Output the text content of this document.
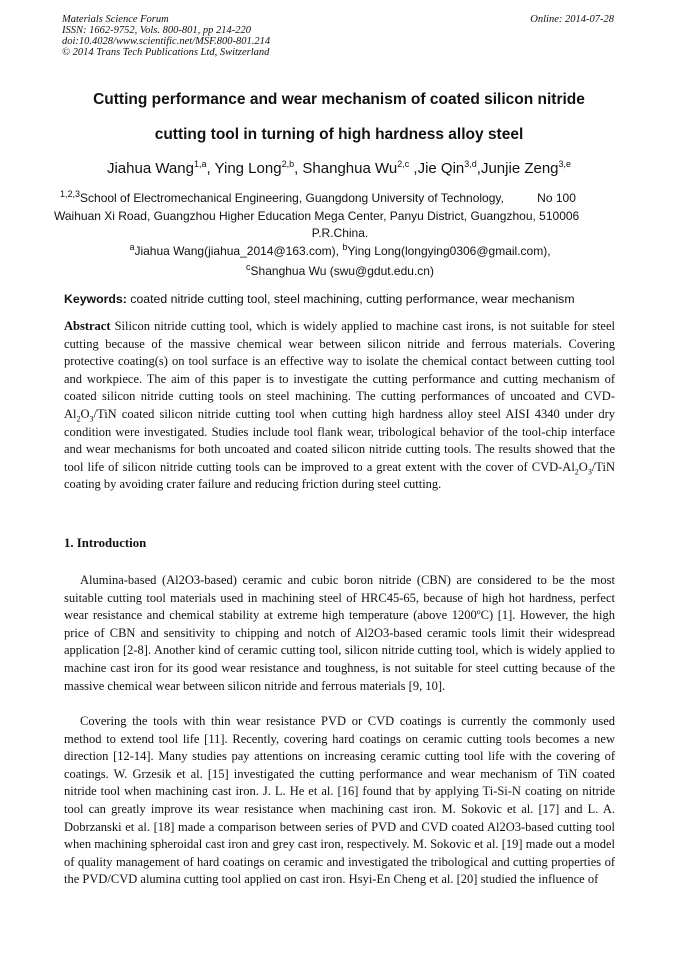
Materials Science Forum
ISSN: 1662-9752, Vols. 800-801, pp 214-220
doi:10.4028/www.scientific.net/MSF.800-801.214
© 2014 Trans Tech Publications Ltd, Switzerland
Online: 2014-07-28
Cutting performance and wear mechanism of coated silicon nitride
cutting tool in turning of high hardness alloy steel
Jiahua Wang$^{1,a}$, Ying Long$^{2,b}$, Shanghua Wu$^{2,c}$ ,Jie Qin$^{3,d}$,Junjie Zeng$^{3,e}$
$^{1,2,3}$School of Electromechanical Engineering, Guangdong University of Technology,          No 100
Waihuan Xi Road, Guangzhou Higher Education Mega Center, Panyu District, Guangzhou, 510006
P.R.China.
$^a$Jiahua Wang(jiahua_2014@163.com), $^b$Ying Long(longying0306@gmail.com),
$^c$Shanghua Wu (swu@gdut.edu.cn)
Keywords: coated nitride cutting tool, steel machining, cutting performance, wear mechanism
Abstract Silicon nitride cutting tool, which is widely applied to machine cast irons, is not suitable for steel cutting because of the massive chemical wear between silicon nitride and ferrous materials. Covering protective coating(s) on tool surface is an effective way to isolate the chemical contact between cutting tool and workpiece. The aim of this paper is to investigate the cutting performance and cutting mechanism of coated silicon nitride cutting tools on steel machining. The cutting performances of uncoated and CVD-$Al_2O_3$/TiN coated silicon nitride cutting tool when cutting high hardness alloy steel AISI 4340 under dry condition were investigated. Studies include tool flank wear, tribological behavior of the tool-chip interface and wear mechanisms for both uncoated and coated silicon nitride cutting tools. The results showed that the tool life of silicon nitride cutting tools can be improved to a great extent with the cover of CVD-$Al_2O_3$/TiN coating by avoiding crater failure and reducing friction during steel cutting.
1. Introduction
Alumina-based (Al2O3-based) ceramic and cubic boron nitride (CBN) are considered to be the most suitable cutting tool materials used in machining steel of HRC45-65, because of high hot hardness, perfect wear resistance and chemical stability at extreme high temperature (above 1200ºC) [1]. However, the high price of CBN and sensitivity to chipping and notch of Al2O3-based ceramic tools limit their widespread application [2-8]. Another kind of ceramic cutting tool, silicon nitride cutting tool, which is widely applied to machine cast iron for its good wear resistance and toughness, is not suitable for steel cutting because of the massive chemical wear between silicon nitride and ferrous materials [9, 10].
Covering the tools with thin wear resistance PVD or CVD coatings is currently the commonly used method to extend tool life [11]. Recently, covering hard coatings on ceramic cutting tools becomes a new direction [12-14]. Many studies pay attentions on increasing ceramic cutting tool life with the covering of coatings. W. Grzesik et al. [15] investigated the cutting performance and wear mechanism of TiN coated nitride tool when machining cast iron. J. L. He et al. [16] found that by applying Ti-Si-N coating on nitride tool can greatly improve its wear resistance when machining cast iron. M. Sokovic et al. [17] and L. A. Dobrzanski et al. [18] made a comparison between series of PVD and CVD coated Al2O3-based cutting tool when machining spheroidal cast iron and grey cast iron, respectively. M. Sokovic et al. [19] made out a model of quality management of hard coatings on ceramic and investigated the tribological and cutting properties of the PVD/CVD alumina cutting tool applied on cast iron. Hsyi-En Cheng et al. [20] studied the influence of
